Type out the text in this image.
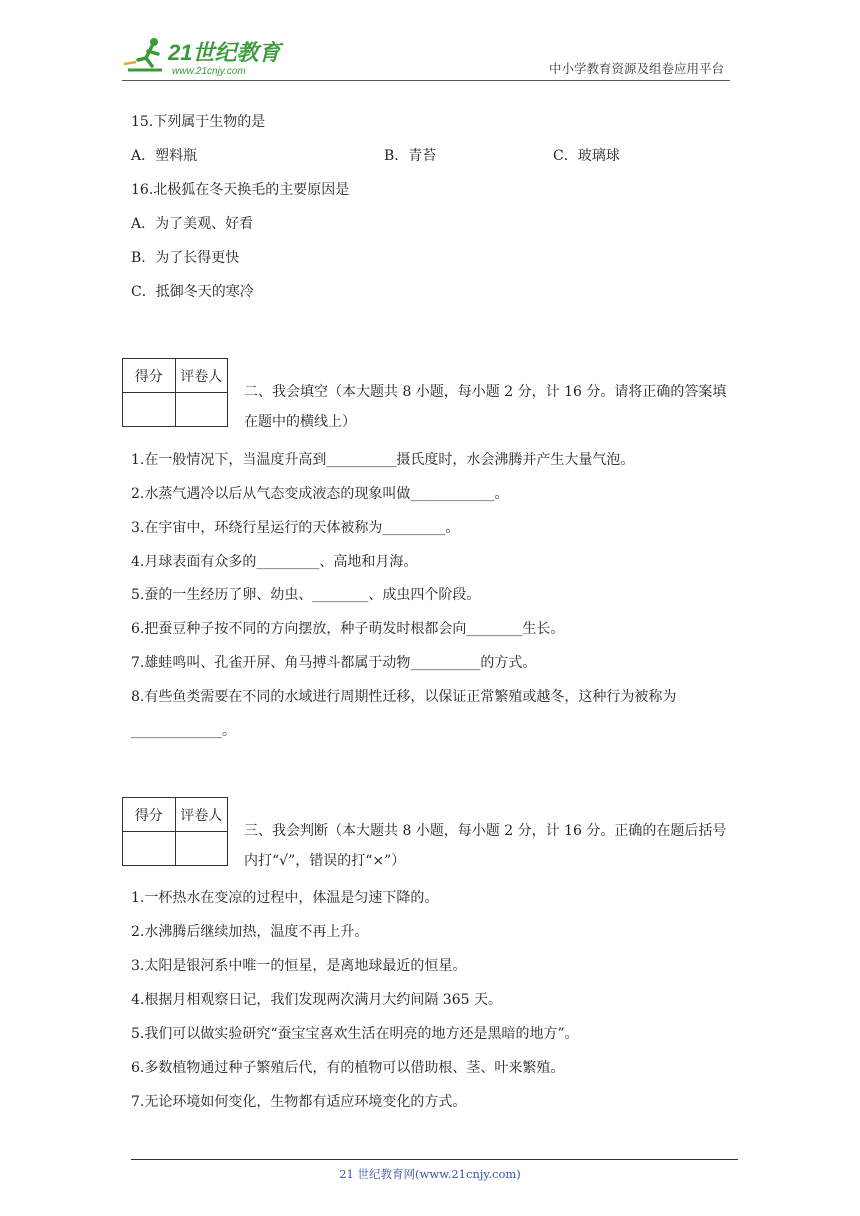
21世纪教育
www.21cnjy.com	中小学教育资源及组卷应用平台
15.下列属于生物的是
A．塑料瓶	B．青苔	C．玻璃球
16.北极狐在冬天换毛的主要原因是
A．为了美观、好看
B．为了长得更快
C．抵御冬天的寒冷
得分	评卷人

二、我会填空（本大题共 8 小题，每小题 2 分，计 16 分。请将正确的答案填在题中的横线上）
1.在一般情况下，当温度升高到__________摄氏度时，水会沸腾并产生大量气泡。
2.水蒸气遇冷以后从气态变成液态的现象叫做____________。
3.在宇宙中，环绕行星运行的天体被称为_________。
4.月球表面有众多的_________、高地和月海。
5.蚕的一生经历了卵、幼虫、________、成虫四个阶段。
6.把蚕豆种子按不同的方向摆放，种子萌发时根都会向________生长。
7.雄蛙鸣叫、孔雀开屏、角马搏斗都属于动物__________的方式。
8.有些鱼类需要在不同的水域进行周期性迁移，以保证正常繁殖或越冬，这种行为被称为
_____________。
得分	评卷人

三、我会判断（本大题共 8 小题，每小题 2 分，计 16 分。正确的在题后括号内打“√”，错误的打“×”）
1.一杯热水在变凉的过程中，体温是匀速下降的。
2.水沸腾后继续加热，温度不再上升。
3.太阳是银河系中唯一的恒星，是离地球最近的恒星。
4.根据月相观察日记，我们发现两次满月大约间隔 365 天。
5.我们可以做实验研究“蚕宝宝喜欢生活在明亮的地方还是黑暗的地方”。
6.多数植物通过种子繁殖后代，有的植物可以借助根、茎、叶来繁殖。
7.无论环境如何变化，生物都有适应环境变化的方式。
21 世纪教育网(www.21cnjy.com)
